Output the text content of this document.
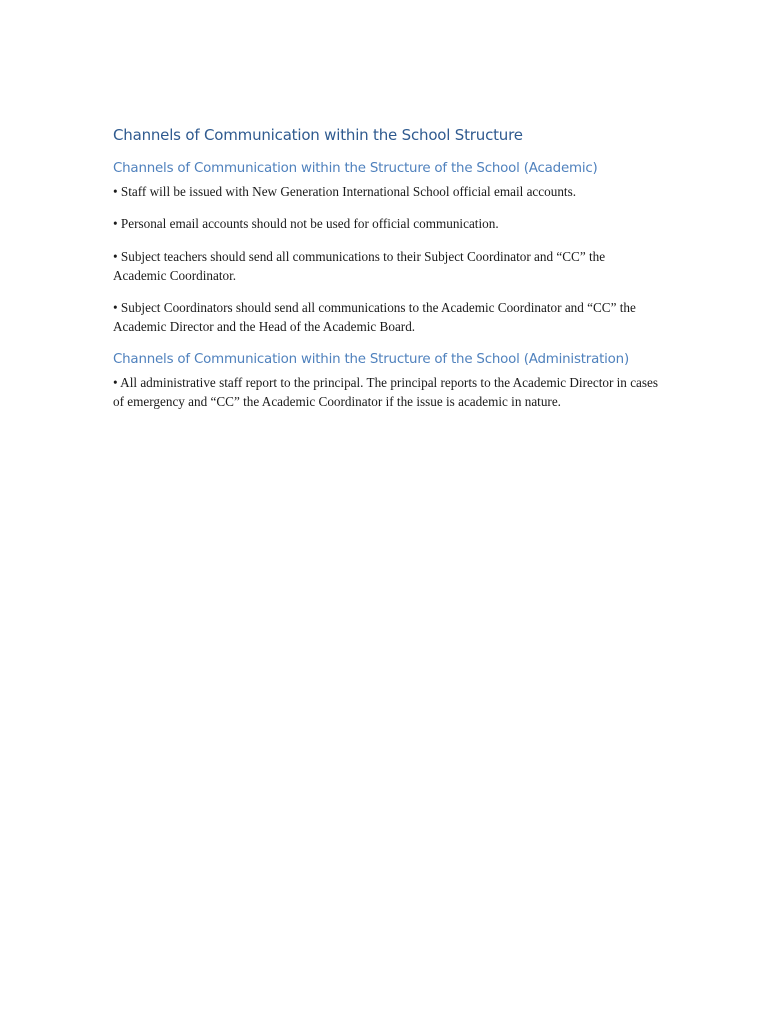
Channels of Communication within the School Structure
Channels of Communication within the Structure of the School (Academic)

• Staff will be issued with New Generation International School official email accounts.

• Personal email accounts should not be used for official communication.

• Subject teachers should send all communications to their Subject Coordinator and “CC” the Academic Coordinator.

• Subject Coordinators should send all communications to the Academic Coordinator and “CC” the Academic Director and the Head of the Academic Board.

Channels of Communication within the Structure of the School (Administration)

• All administrative staff report to the principal. The principal reports to the Academic Director in cases of emergency and “CC” the Academic Coordinator if the issue is academic in nature.
